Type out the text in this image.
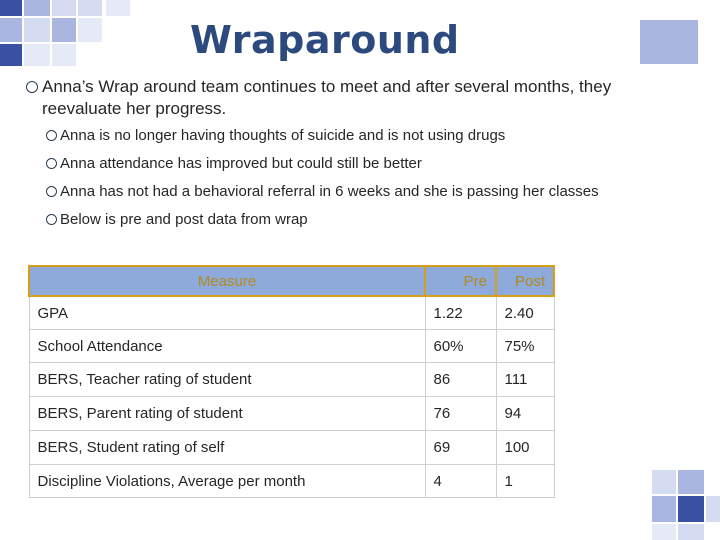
Wraparound
Anna’s Wrap around team continues to meet and after several months, they reevaluate her progress.
Anna is no longer having thoughts of suicide and is not using drugs
Anna attendance has improved but could still be better
Anna has not had a behavioral referral in 6 weeks and she is passing her classes
Below is pre and post data from wrap
Measure	Pre	Post
GPA	1.22	2.40
School Attendance	60%	75%
BERS, Teacher rating of student	86	111
BERS, Parent rating of student	76	94
BERS, Student rating of self	69	100
Discipline Violations, Average per month	4	1
